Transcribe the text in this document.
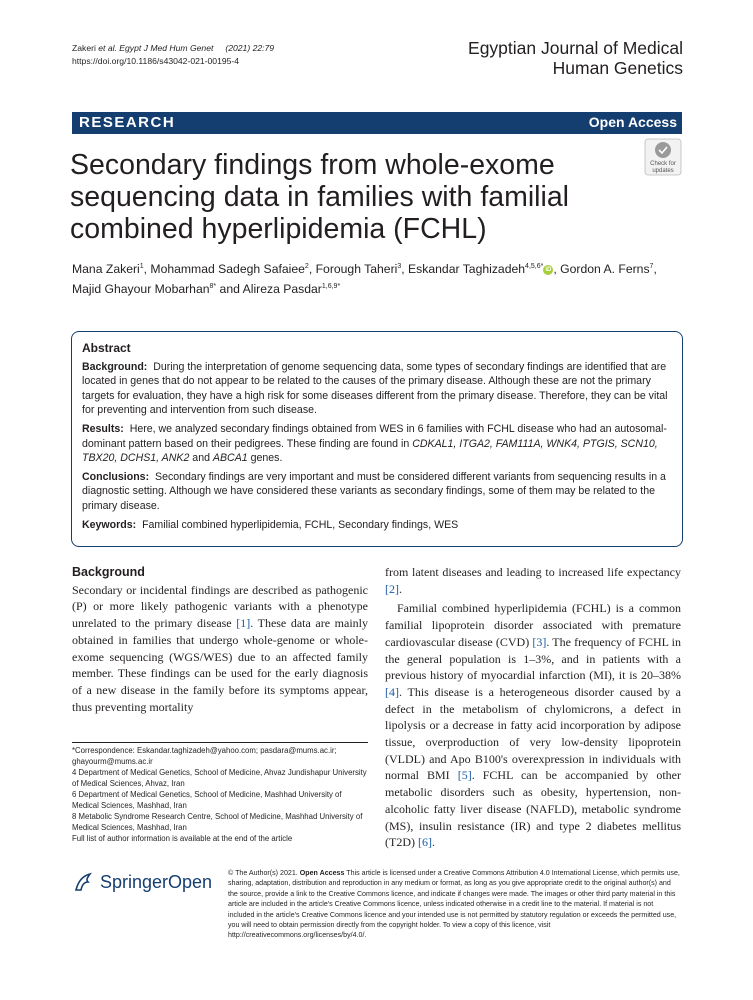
Zakeri et al. Egypt J Med Hum Genet (2021) 22:79
https://doi.org/10.1186/s43042-021-00195-4
Egyptian Journal of Medical
Human Genetics
RESEARCH	Open Access
Check for
updates
Secondary findings from whole-exome sequencing data in families with familial combined hyperlipidemia (FCHL)
Mana Zakeri$^1$, Mohammad Sadegh Safaiee$^2$, Forough Taheri$^3$, Eskandar Taghizadeh$^{4,5,6*}$ iD , Gordon A. Ferns$^7$,
Majid Ghayour Mobarhan$^{8*}$ and Alireza Pasdar$^{1,6,9*}$
Abstract

Background: During the interpretation of genome sequencing data, some types of secondary findings are identified that are located in genes that do not appear to be related to the causes of the primary disease. Although these are not the primary targets for evaluation, they have a high risk for some diseases different from the primary disease. Therefore, they can be vital for preventing and intervention from such disease.

Results: Here, we analyzed secondary findings obtained from WES in 6 families with FCHL disease who had an autosomal-dominant pattern based on their pedigrees. These finding are found in CDKAL1, ITGA2, FAM111A, WNK4, PTGIS, SCN10, TBX20, DCHS1, ANK2 and ABCA1 genes.

Conclusions: Secondary findings are very important and must be considered different variants from sequencing results in a diagnostic setting. Although we have considered these variants as secondary findings, some of them may be related to the primary disease.

Keywords: Familial combined hyperlipidemia, FCHL, Secondary findings, WES

Background
Secondary or incidental findings are described as pathogenic (P) or more likely pathogenic variants with a phenotype unrelated to the primary disease [1]. These data are mainly obtained in families that undergo whole-genome or whole-exome sequencing (WGS/WES) due to an affected family member. These findings can be used for the early diagnosis of a new disease in the family before its symptoms appear, thus preventing mortality

from latent diseases and leading to increased life expectancy [2].

Familial combined hyperlipidemia (FCHL) is a common familial lipoprotein disorder associated with premature cardiovascular disease (CVD) [3]. The frequency of FCHL in the general population is 1–3%, and in patients with a previous history of myocardial infarction (MI), it is 20–38% [4]. This disease is a heterogeneous disorder caused by a defect in the metabolism of chylomicrons, a defect in lipolysis or a decrease in fatty acid incorporation by adipose tissue, overproduction of very low-density lipoprotein (VLDL) and Apo B100's overexpression in individuals with normal BMI [5]. FCHL can be accompanied by other metabolic disorders such as obesity, hypertension, non-alcoholic fatty liver disease (NAFLD), metabolic syndrome (MS), insulin resistance (IR) and type 2 diabetes mellitus (T2D) [6].

*Correspondence: Eskandar.taghizadeh@yahoo.com; pasdara@mums.ac.ir; ghayourm@mums.ac.ir

4 Department of Medical Genetics, School of Medicine, Ahvaz Jundishapur University of Medical Sciences, Ahvaz, Iran

6 Department of Medical Genetics, School of Medicine, Mashhad University of Medical Sciences, Mashhad, Iran

8 Metabolic Syndrome Research Centre, School of Medicine, Mashhad University of Medical Sciences, Mashhad, Iran

Full list of author information is available at the end of the article

SpringerOpen © The Author(s) 2021. Open Access This article is licensed under a Creative Commons Attribution 4.0 International License, which permits use, sharing, adaptation, distribution and reproduction in any medium or format, as long as you give appropriate credit to the original author(s) and the source, provide a link to the Creative Commons licence, and indicate if changes were made. The images or other third party material in this article are included in the article's Creative Commons licence, unless indicated otherwise in a credit line to the material. If material is not included in the article's Creative Commons licence and your intended use is not permitted by statutory regulation or exceeds the permitted use, you will need to obtain permission directly from the copyright holder. To view a copy of this licence, visit http://creativecommons.org/licenses/by/4.0/.
